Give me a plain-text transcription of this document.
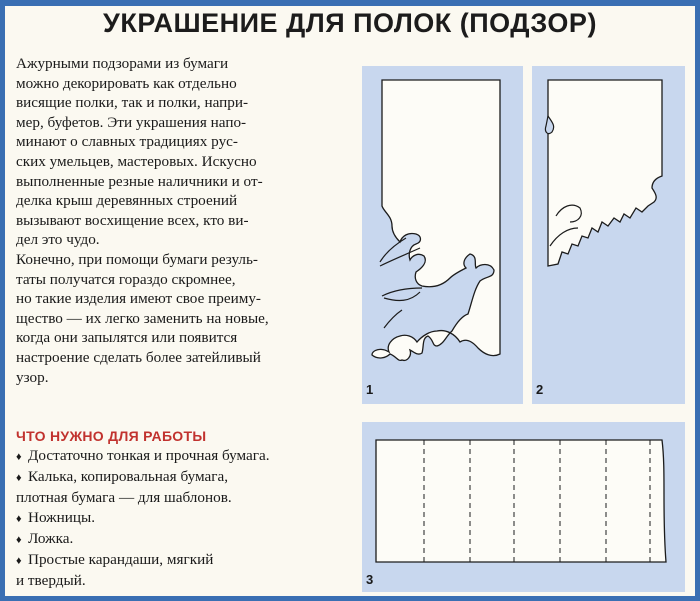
УКРАШЕНИЕ ДЛЯ ПОЛОК (ПОДЗОР)

Ажурными подзорами из бумаги
можно декорировать как отдельно
висящие полки, так и полки, напри-
мер, буфетов. Эти украшения напо-
минают о славных традициях рус-
ских умельцев, мастеровых. Искусно
выполненные резные наличники и от-
делка крыш деревянных строений
вызывают восхищение всех, кто ви-
дел это чудо.

Конечно, при помощи бумаги резуль-
таты получатся гораздо скромнее,
но такие изделия имеют свое преиму-
щество — их легко заменить на новые,
когда они запылятся или появится
настроение сделать более затейливый
узор.

ЧТО НУЖНО ДЛЯ РАБОТЫ
♦ Достаточно тонкая и прочная бумага.
♦ Калька, копировальная бумага,
плотная бумага — для шаблонов.
♦ Ножницы.
♦ Ложка.
♦ Простые карандаши, мягкий
и твердый.
1	2
3
